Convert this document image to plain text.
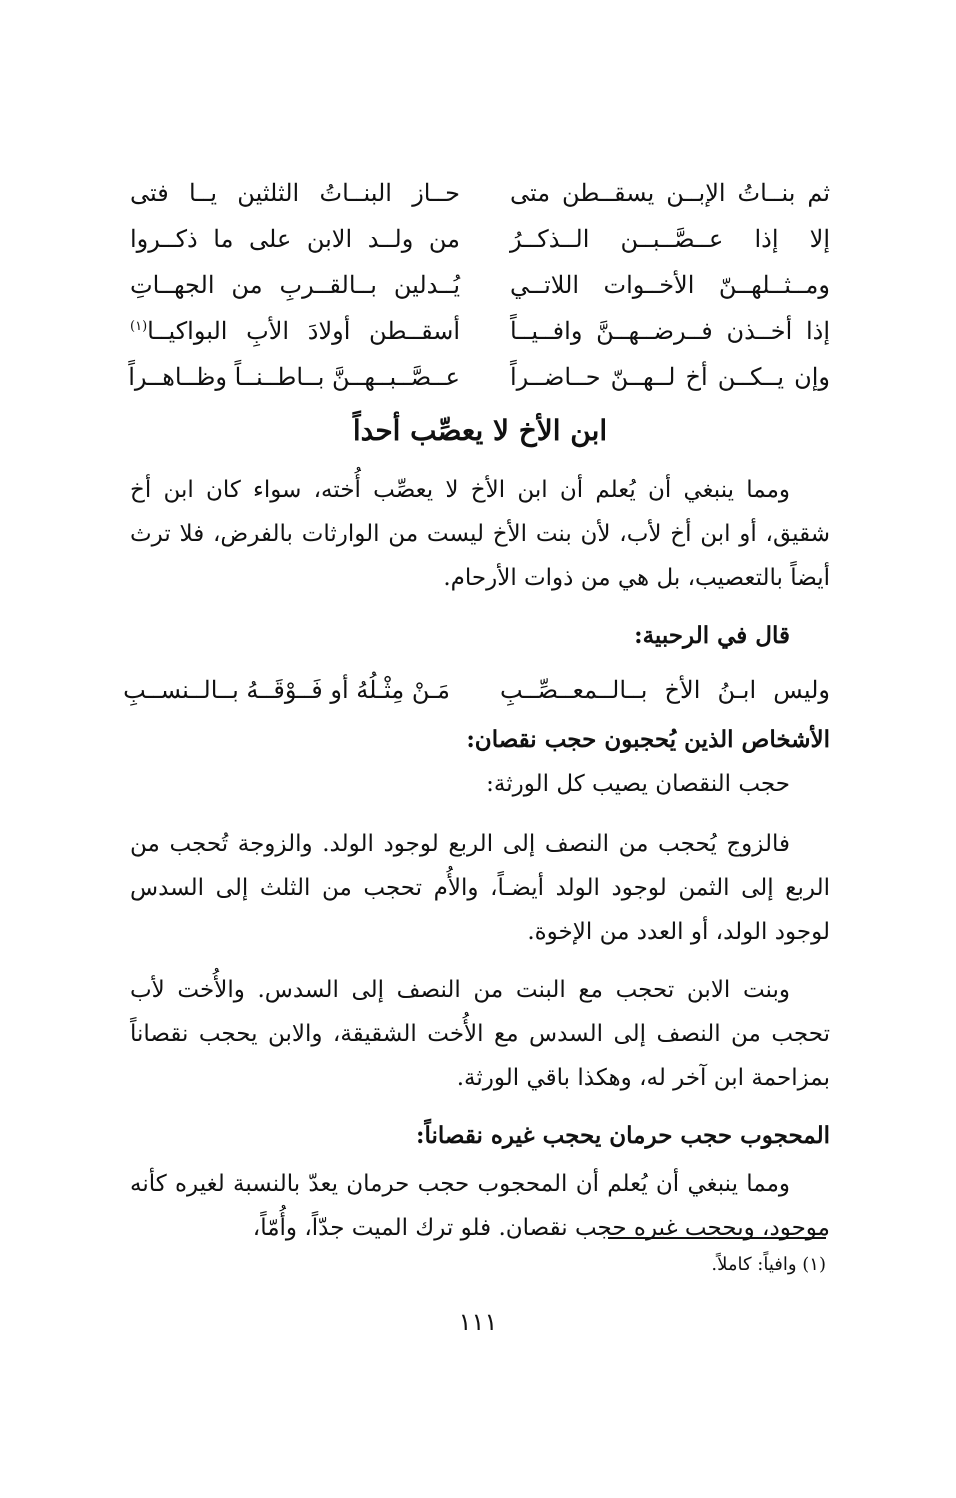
ثم بنــاتُ الإبــن يسقــطن متى
حــاز البنــاتُ الثلثين يــا فتى
إلا إذا عــصَّــبــن الــذكــرُ
من ولــد الابن على ما ذكــروا
ومــثــلهــنّ الأخــوات اللاتــي
يُــدلين بــالقــربِ من الجهــاتِ
إذا أخــذن فــرضــهــنَّ وافــيــاً
أسقــطن أولادَ الأبِ البواكيــا$^{(١)}$
وإن يــكــن أخ لــهــنّ حــاضــراً
عــصَّــبــهــنَّ بــاطــنــاً وظــاهــراً
ابن الأخ لا يعصِّب أحداً

ومما ينبغي أن يُعلم أن ابن الأخ لا يعصِّب أُخته، سواء كان ابن أخ شقيق، أو ابن أخ لأب، لأن بنت الأخ ليست من الوارثات بالفرض، فلا ترث أيضاً بالتعصيب، بل هي من ذوات الأرحام.

قال في الرحبية:

وليس ابـنُ الأخ بــالــمعــصِّــبِ
مَـنْ مِثْـلُهُ أو فَــوْقَــهُ بــالــنســبِ

الأشخاص الذين يُحجبون حجب نقصان:

حجب النقصان يصيب كل الورثة:

فالزوج يُحجب من النصف إلى الربع لوجود الولد. والزوجة تُحجب من الربع إلى الثمن لوجود الولد أيضـاً، والأُم تحجب من الثلث إلى السدس لوجود الولد، أو العدد من الإخوة.

وبنت الابن تحجب مع البنت من النصف إلى السدس. والأُخت لأب تحجب من النصف إلى السدس مع الأُخت الشقيقة، والابن يحجب نقصاناً بمزاحمة ابن آخر له، وهكذا باقي الورثة.

المحجوب حجب حرمان يحجب غيره نقصاناً:

ومما ينبغي أن يُعلم أن المحجوب حجب حرمان يعدّ بالنسبة لغيره كأنه موجود، ويحجب غيره حجب نقصان. فلو ترك الميت جدّاً، وأُمّاً،

(١) وافياً: كاملاً.
١١١
